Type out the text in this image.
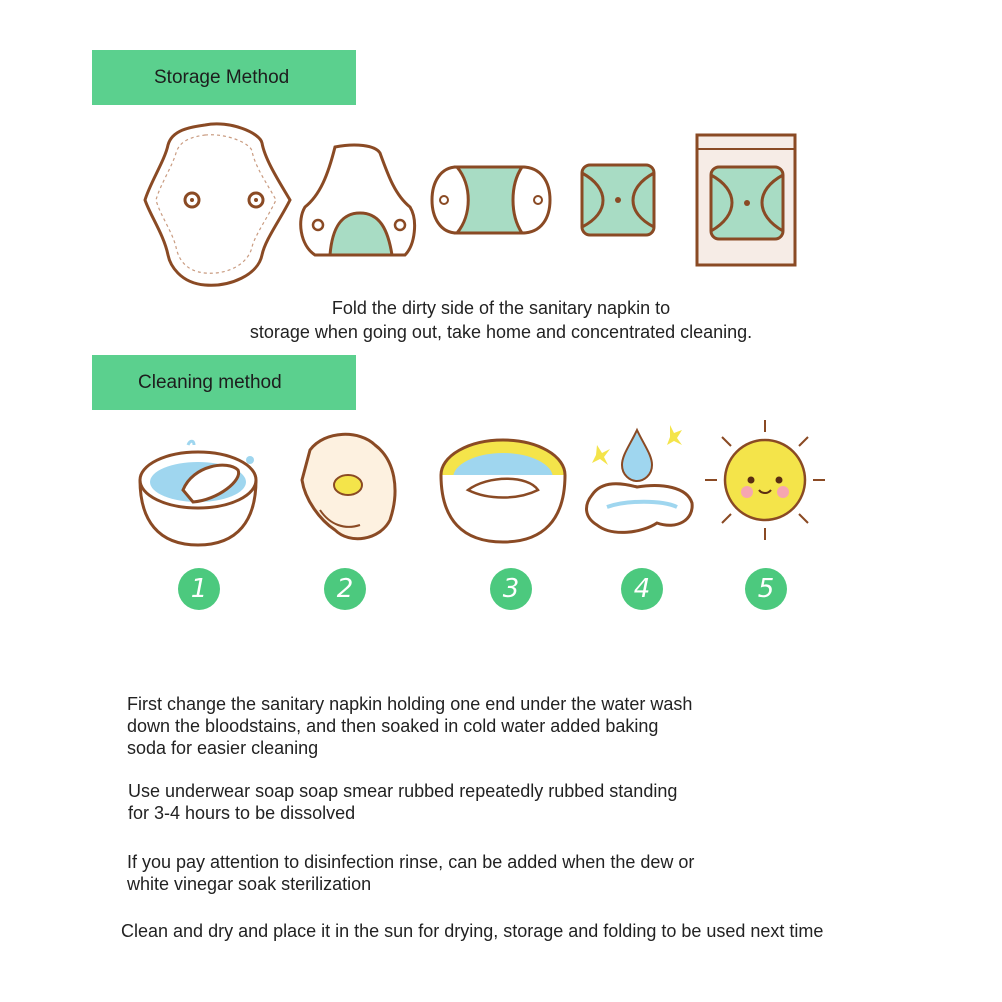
Storage Method
Fold the dirty side of the sanitary napkin to
storage when going out, take home and concentrated cleaning.
Cleaning method
1	2	3	4	5
First change the sanitary napkin holding one end under the water wash
down the bloodstains, and then soaked in cold water added baking
soda for easier cleaning
Use underwear soap soap smear rubbed repeatedly rubbed standing
for 3-4 hours to be dissolved
If you pay attention to disinfection rinse, can be added when the dew or
white vinegar soak sterilization
Clean and dry and place it in the sun for drying, storage and folding to be used next time
